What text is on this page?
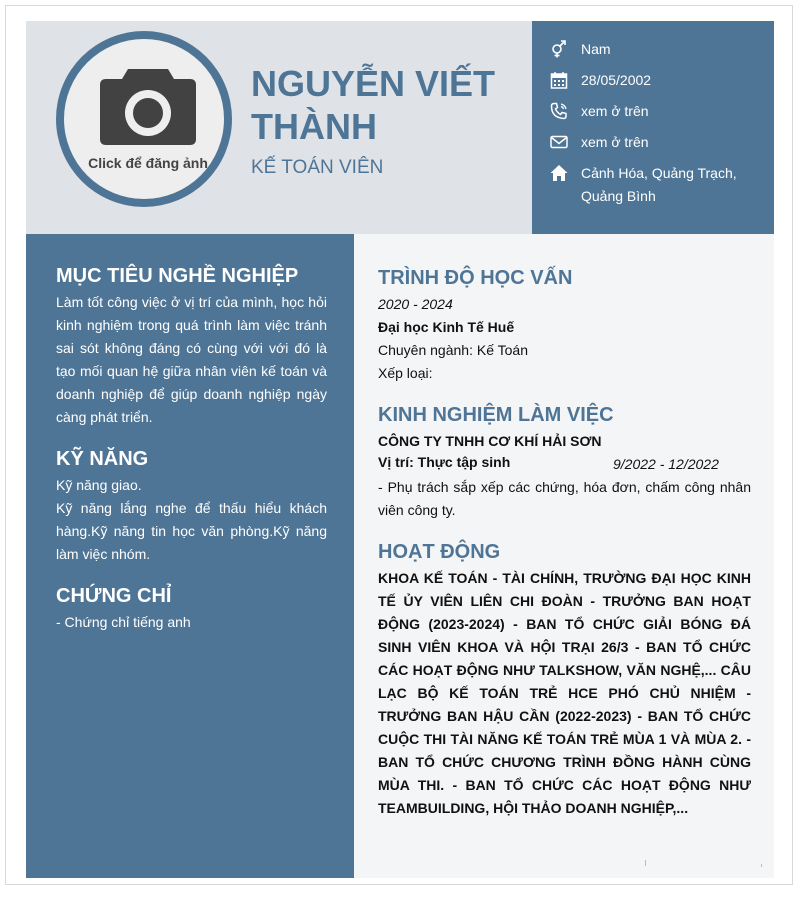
Click để đăng ảnh
NGUYỄN VIẾT THÀNH
KẾ TOÁN VIÊN
Nam
28/05/2002
xem ở trên
xem ở trên
Cảnh Hóa, Quảng Trạch, Quảng Bình
MỤC TIÊU NGHỀ NGHIỆP
Làm tốt công việc ở vị trí của mình, học hỏi kinh nghiệm trong quá trình làm việc tránh sai sót không đáng có cùng với với đó là tạo mối quan hệ giữa nhân viên kế toán và doanh nghiệp để giúp doanh nghiệp ngày càng phát triển.
KỸ NĂNG
Kỹ năng giao.
Kỹ năng lắng nghe để thấu hiểu khách hàng.Kỹ năng tin học văn phòng.Kỹ năng làm việc nhóm.
CHỨNG CHỈ
- Chứng chỉ tiếng anh
TRÌNH ĐỘ HỌC VẤN
2020 - 2024
Đại học Kinh Tế Huế
Chuyên ngành: Kế Toán
Xếp loại:
KINH NGHIỆM LÀM VIỆC
CÔNG TY TNHH CƠ KHÍ HẢI SƠN
Vị trí: Thực tập sinh	9/2022 - 12/2022
- Phụ trách sắp xếp các chứng, hóa đơn, chấm công nhân viên công ty.
HOẠT ĐỘNG
KHOA KẾ TOÁN - TÀI CHÍNH, TRƯỜNG ĐẠI HỌC KINH TẾ ỦY VIÊN LIÊN CHI ĐOÀN - TRƯỞNG BAN HOẠT ĐỘNG (2023-2024) - BAN TỔ CHỨC GIẢI BÓNG ĐÁ SINH VIÊN KHOA VÀ HỘI TRẠI 26/3 - BAN TỔ CHỨC CÁC HOẠT ĐỘNG NHƯ TALKSHOW, VĂN NGHỆ,... CÂU LẠC BỘ KẾ TOÁN TRẺ HCE PHÓ CHỦ NHIỆM - TRƯỞNG BAN HẬU CẦN (2022-2023) - BAN TỔ CHỨC CUỘC THI TÀI NĂNG KẾ TOÁN TRẺ MÙA 1 VÀ MÙA 2. - BAN TỔ CHỨC CHƯƠNG TRÌNH ĐỒNG HÀNH CÙNG MÙA THI. - BAN TỔ CHỨC CÁC HOẠT ĐỘNG NHƯ TEAMBUILDING, HỘI THẢO DOANH NGHIỆP,...
